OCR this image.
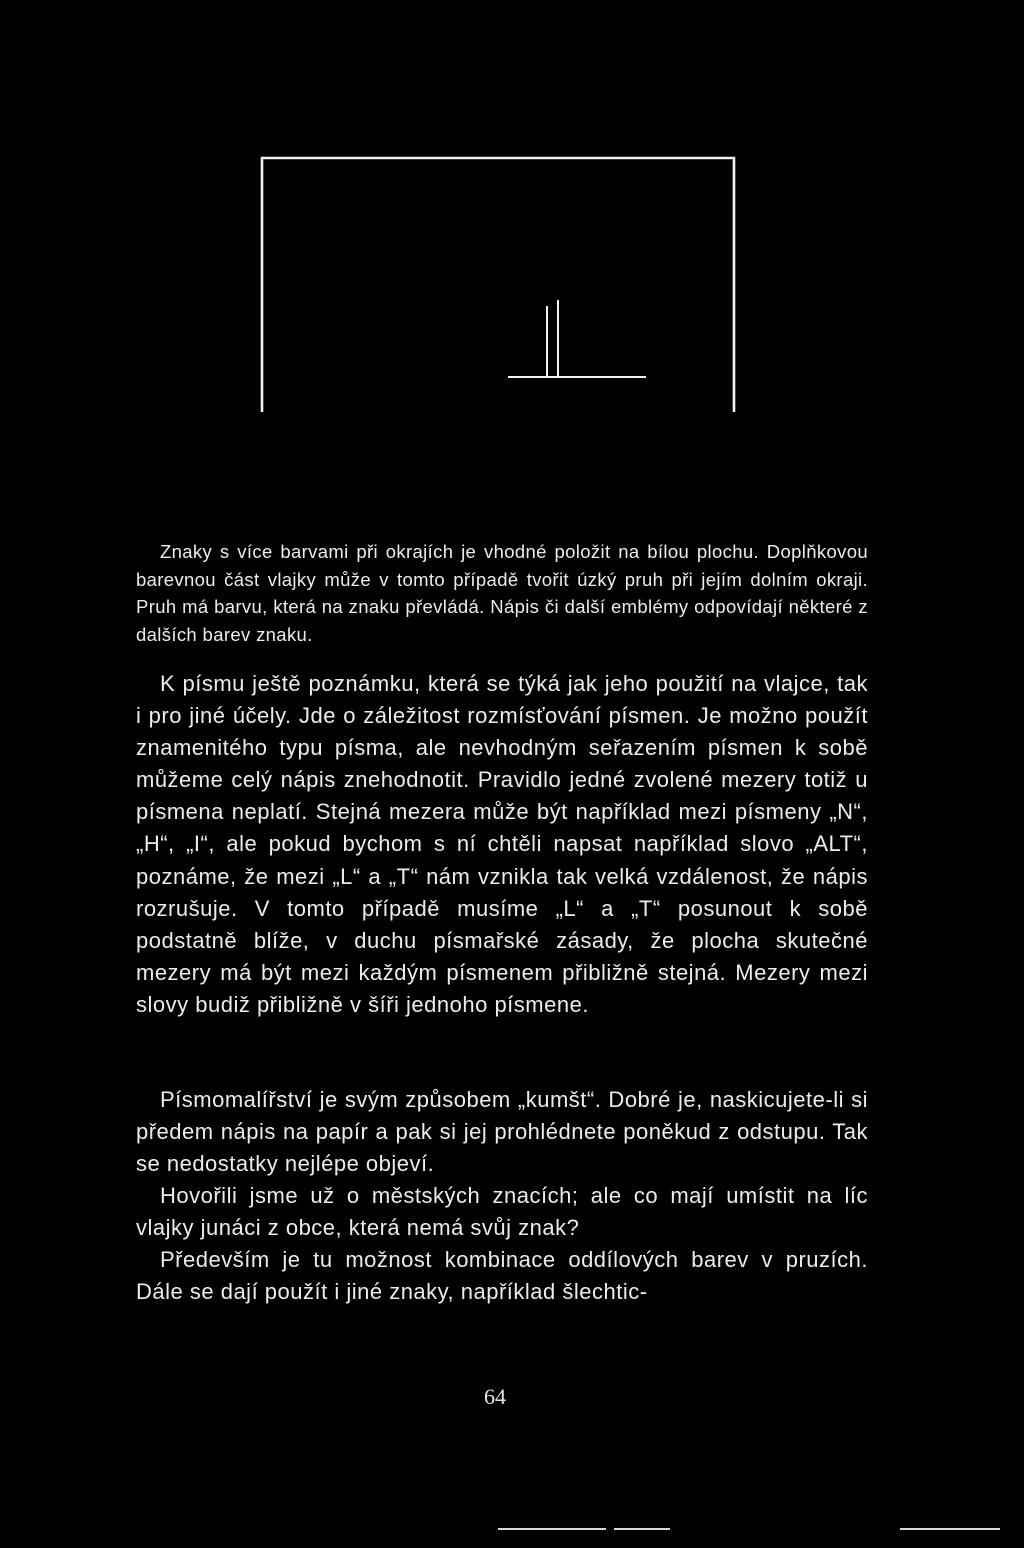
Znaky s více barvami při okrajích je vhodné položit na bílou plochu. Doplňkovou barevnou část vlajky může v tomto případě tvořit úzký pruh při jejím dolním okraji. Pruh má barvu, která na znaku převládá. Nápis či další emblémy odpovídají některé z dalších barev znaku.

K písmu ještě poznámku, která se týká jak jeho použití na vlajce, tak i pro jiné účely. Jde o záležitost rozmísťování písmen. Je možno použít znamenitého typu písma, ale nevhodným seřazením písmen k sobě můžeme celý nápis znehodnotit. Pravidlo jedné zvolené mezery totiž u písmena neplatí. Stejná mezera může být například mezi písmeny „N“, „H“, „I“, ale pokud bychom s ní chtěli napsat například slovo „ALT“, poznáme, že mezi „L“ a „T“ nám vznikla tak velká vzdálenost, že nápis rozrušuje. V tomto případě musíme „L“ a „T“ posunout k sobě podstatně blíže, v duchu písmařské zásady, že plocha skutečné mezery má být mezi každým písmenem přibližně stejná. Mezery mezi slovy budiž přibližně v šíři jednoho písmene.

Písmomalířství je svým způsobem „kumšt“. Dobré je, naskicujete-li si předem nápis na papír a pak si jej prohlédnete poněkud z odstupu. Tak se nedostatky nejlépe objeví.

Hovořili jsme už o městských znacích; ale co mají umístit na líc vlajky junáci z obce, která nemá svůj znak?

Především je tu možnost kombinace oddílových barev v pruzích. Dále se dají použít i jiné znaky, například šlechtic-

64
